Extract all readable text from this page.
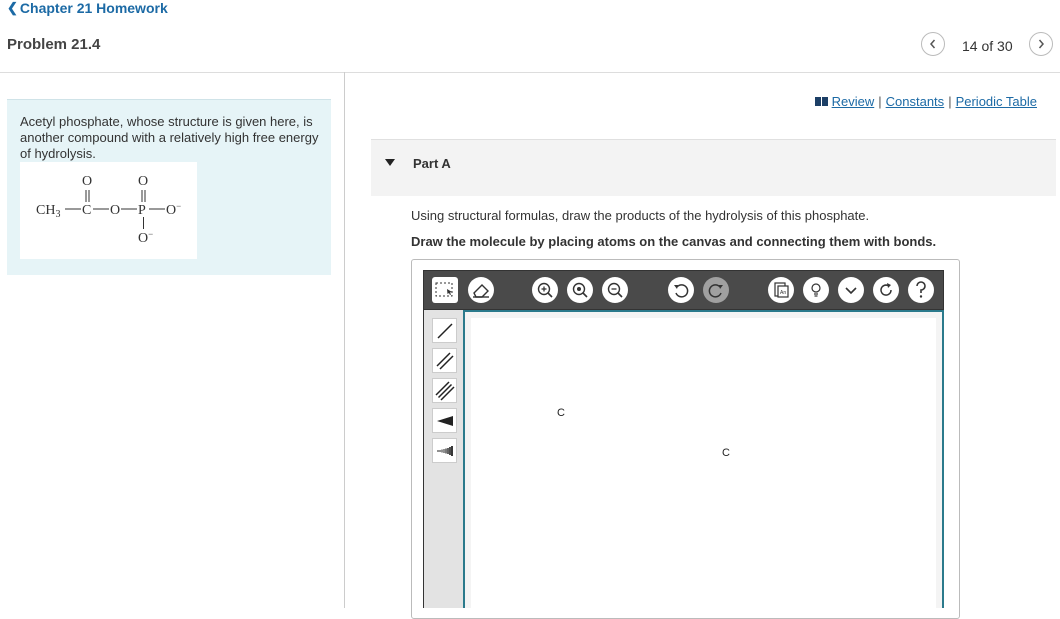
❮ Chapter 21 Homework
Problem 21.4	14 of 30
Acetyl phosphate, whose structure is given here, is another compound with a relatively high free energy of hydrolysis.
$CH_3$ C
O
O P
O
O−
O−
Review | Constants | Periodic Table
Part A
Using structural formulas, draw the products of the hydrolysis of this phosphate.
Draw the molecule by placing atoms on the canvas and connecting them with bonds.
An
C
C
